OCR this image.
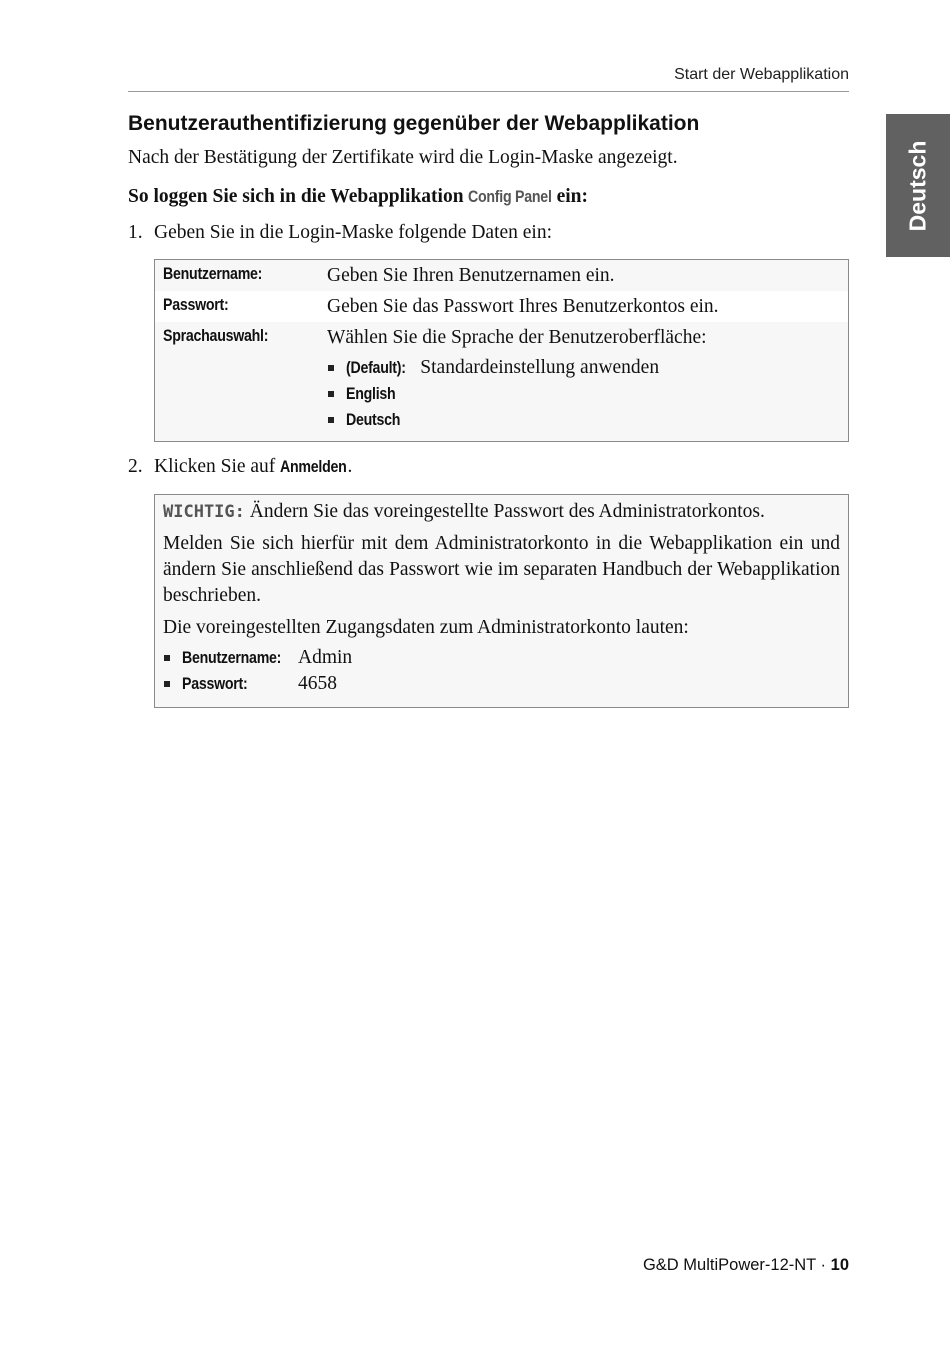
Start der Webapplikation
Deutsch
Benutzerauthentifizierung gegenüber der Webapplikation

Nach der Bestätigung der Zertifikate wird die Login-Maske angezeigt.

So loggen Sie sich in die Webapplikation Config Panel ein:

1. Geben Sie in die Login-Maske folgende Daten ein:

Benutzername:	Geben Sie Ihren Benutzernamen ein.
Passwort:	Geben Sie das Passwort Ihres Benutzerkontos ein.
Sprachauswahl:	Wählen Sie die Sprache der Benutzeroberfläche:
(Default): Standardeinstellung anwenden
English
Deutsch

2. Klicken Sie auf Anmelden.

WICHTIG: Ändern Sie das voreingestellte Passwort des Administratorkontos.

Melden Sie sich hierfür mit dem Administratorkonto in die Webapplikation ein und ändern Sie anschließend das Passwort wie im separaten Handbuch der Webapplikation beschrieben.

Die voreingestellten Zugangsdaten zum Administratorkonto lauten:

Benutzername: Admin
Passwort:	4658
G&D MultiPower-12-NT · 10
